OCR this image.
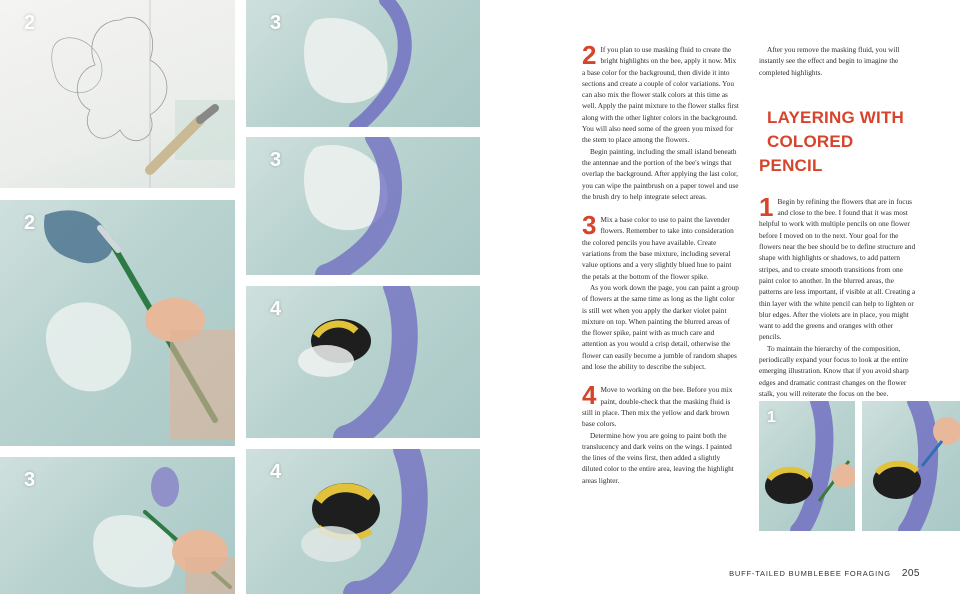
2
2
3
3
3
4
4
2 If you plan to use masking fluid to create the bright highlights on the bee, apply it now. Mix a base color for the background, then divide it into sections and create a couple of color variations. You can also mix the flower stalk colors at this time as well. Apply the paint mixture to the flower stalks first along with the other lighter colors in the background. You will also need some of the green you mixed for the stem to place among the flowers.

Begin painting, including the small island beneath the antennae and the portion of the bee's wings that overlap the background. After applying the last color, you can wipe the paintbrush on a paper towel and use the brush dry to help integrate select areas.

3 Mix a base color to use to paint the lavender flowers. Remember to take into consideration the colored pencils you have available. Create variations from the base mixture, including several value options and a very slightly blued hue to paint the petals at the bottom of the flower spike.

As you work down the page, you can paint a group of flowers at the same time as long as the light color is still wet when you apply the darker violet paint mixture on top. When painting the blurred areas of the flower spike, paint with as much care and attention as you would a crisp detail, otherwise the flower can easily become a jumble of random shapes and lose the ability to describe the subject.

4 Move to working on the bee. Before you mix paint, double-check that the masking fluid is still in place. Then mix the yellow and dark brown base colors.

Determine how you are going to paint both the translucency and dark veins on the wings. I painted the lines of the veins first, then added a slightly diluted color to the entire area, leaving the highlight areas lighter.

After you remove the masking fluid, you will instantly see the effect and begin to imagine the completed highlights.

LAYERING WITH

COLORED PENCIL

1 Begin by refining the flowers that are in focus and close to the bee. I found that it was most helpful to work with multiple pencils on one flower before I moved on to the next. Your goal for the flowers near the bee should be to define structure and shape with highlights or shadows, to add pattern stripes, and to create smooth transitions from one paint color to another. In the blurred areas, the patterns are less important, if visible at all. Creating a thin layer with the white pencil can help to lighten or blur edges. After the violets are in place, you might want to add the greens and oranges with other pencils.

To maintain the hierarchy of the composition, periodically expand your focus to look at the entire emerging illustration. Know that if you avoid sharp edges and dramatic contrast changes on the flower stalk, you will reiterate the focus on the bee.

1
BUFF-TAILED BUMBLEBEE FORAGING 205
